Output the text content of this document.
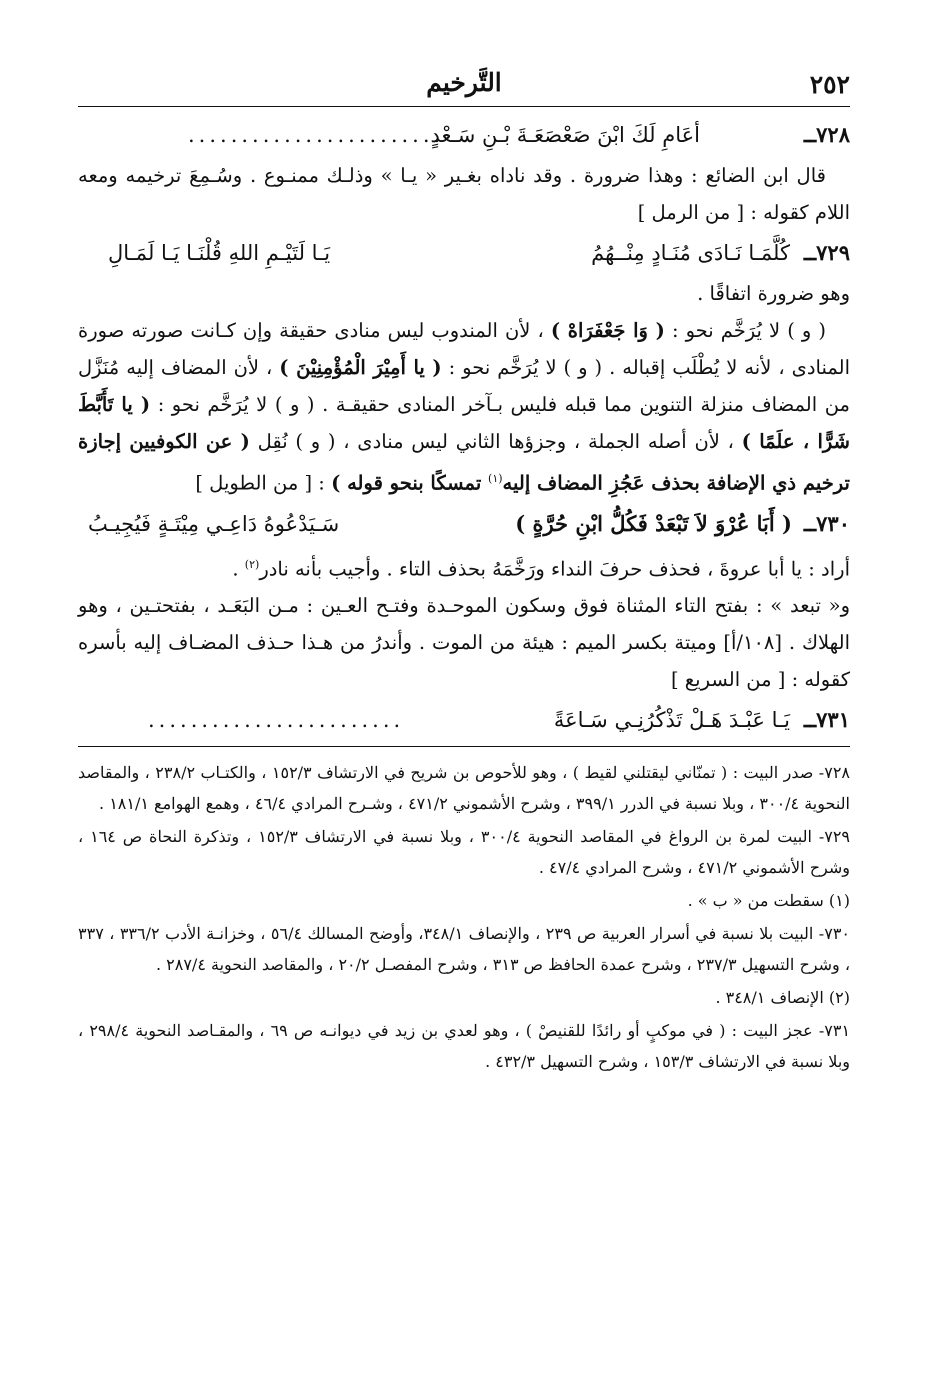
٢٥٢
التَّرخيم
٧٢٨ــ
أعَامِ لَكَ ابْنَ صَعْصَعَـةَ بْـنِ سَـعْدٍ
........................

قال ابن الضائع : وهذا ضرورة . وقد ناداه بغـير « يـا » وذلـك ممنـوع . وسُـمِعَ ترخيمه ومعه اللام كقوله : [ من الرمل ]

٧٢٩ــ
كُلَّمَـا نَـادَى مُنَـادٍ مِنْــهُمُ
يَـا لَتَيْـمِ اللهِ قُلْنَـا يَـا لَمَـالِ

وهو ضرورة اتفاقًا .

( و ) لا يُرَخَّم نحو : ( وَا جَعْفَرَاهْ ) ، لأن المندوب ليس منادى حقيقة وإن كـانت صورته صورة المنادى ، لأنه لا يُطْلَب إقباله . ( و ) لا يُرَخَّم نحو : ( يا أَمِيْرَ الْمُؤْمِنِيْنَ ) ، لأن المضاف إليه مُنَزَّل من المضاف منزلة التنوين مما قبله فليس بـآخر المنادى حقيقـة . ( و ) لا يُرَخَّم نحو : ( يا تَأَبَّطَ شَرًّا ، علَمًا ) ، لأن أصله الجملة ، وجزؤها الثاني ليس منادى ، ( و ) نُقِل ( عن الكوفيين إجازة ترخيم ذي الإضافة بحذف عَجُزِ المضاف إليه$^{(١)}$ تمسكًا بنحو قوله ) : [ من الطويل ]

٧٣٠ــ
( أَبَا عُرْوَ لاَ تَبْعَدْ فَكُلُّ ابْنِ حُرَّةٍ )
سَـيَدْعُوهُ دَاعِـي مِيْتَـةٍ فَيُجِيـبُ

أراد : يا أبا عروةَ ، فحذف حرفَ النداء ورَخَّمَهُ بحذف التاء . وأجيب بأنه نادر$^{(٢)}$ .

و« تبعد » : بفتح التاء المثناة فوق وسكون الموحـدة وفتـح العـين : مـن البَعَـد ، بفتحتـين ، وهو الهلاك . [١٠٨/أ] وميتة بكسر الميم : هيئة من الموت . وأندرُ من هـذا حـذف المضـاف إليه بأسره كقوله : [ من السريع ]

٧٣١ــ
يَـا عَبْـدَ هَـلْ تَذْكُرُنِـي سَـاعَةً
........................

٧٢٨- صدر البيت : ( تمنّاني ليقتلني لقيط ) ، وهو للأحوص بن شريح في الارتشاف ١٥٢/٣ ، والكتـاب ٢٣٨/٢ ، والمقاصد النحوية ٣٠٠/٤ ، وبلا نسبة في الدرر ٣٩٩/١ ، وشرح الأشموني ٤٧١/٢ ، وشـرح المرادي ٤٦/٤ ، وهمع الهوامع ١٨١/١ .

٧٢٩- البيت لمرة بن الرواغ في المقاصد النحوية ٣٠٠/٤ ، وبلا نسبة في الارتشاف ١٥٢/٣ ، وتذكرة النحاة ص ١٦٤ ، وشرح الأشموني ٤٧١/٢ ، وشرح المرادي ٤٧/٤ .

(١) سقطت من « ب » .

٧٣٠- البيت بلا نسبة في أسرار العربية ص ٢٣٩ ، والإنصاف ٣٤٨/١، وأوضح المسالك ٥٦/٤ ، وخزانـة الأدب ٣٣٦/٢ ، ٣٣٧ ، وشرح التسهيل ٢٣٧/٣ ، وشرح عمدة الحافظ ص ٣١٣ ، وشرح المفصـل ٢٠/٢ ، والمقاصد النحوية ٢٨٧/٤ .

(٢) الإنصاف ٣٤٨/١ .

٧٣١- عجز البيت : ( في موكبٍ أو رائدًا للقنيصْ ) ، وهو لعدي بن زيد في ديوانـه ص ٦٩ ، والمقـاصد النحوية ٢٩٨/٤ ، وبلا نسبة في الارتشاف ١٥٣/٣ ، وشرح التسهيل ٤٣٢/٣ .
